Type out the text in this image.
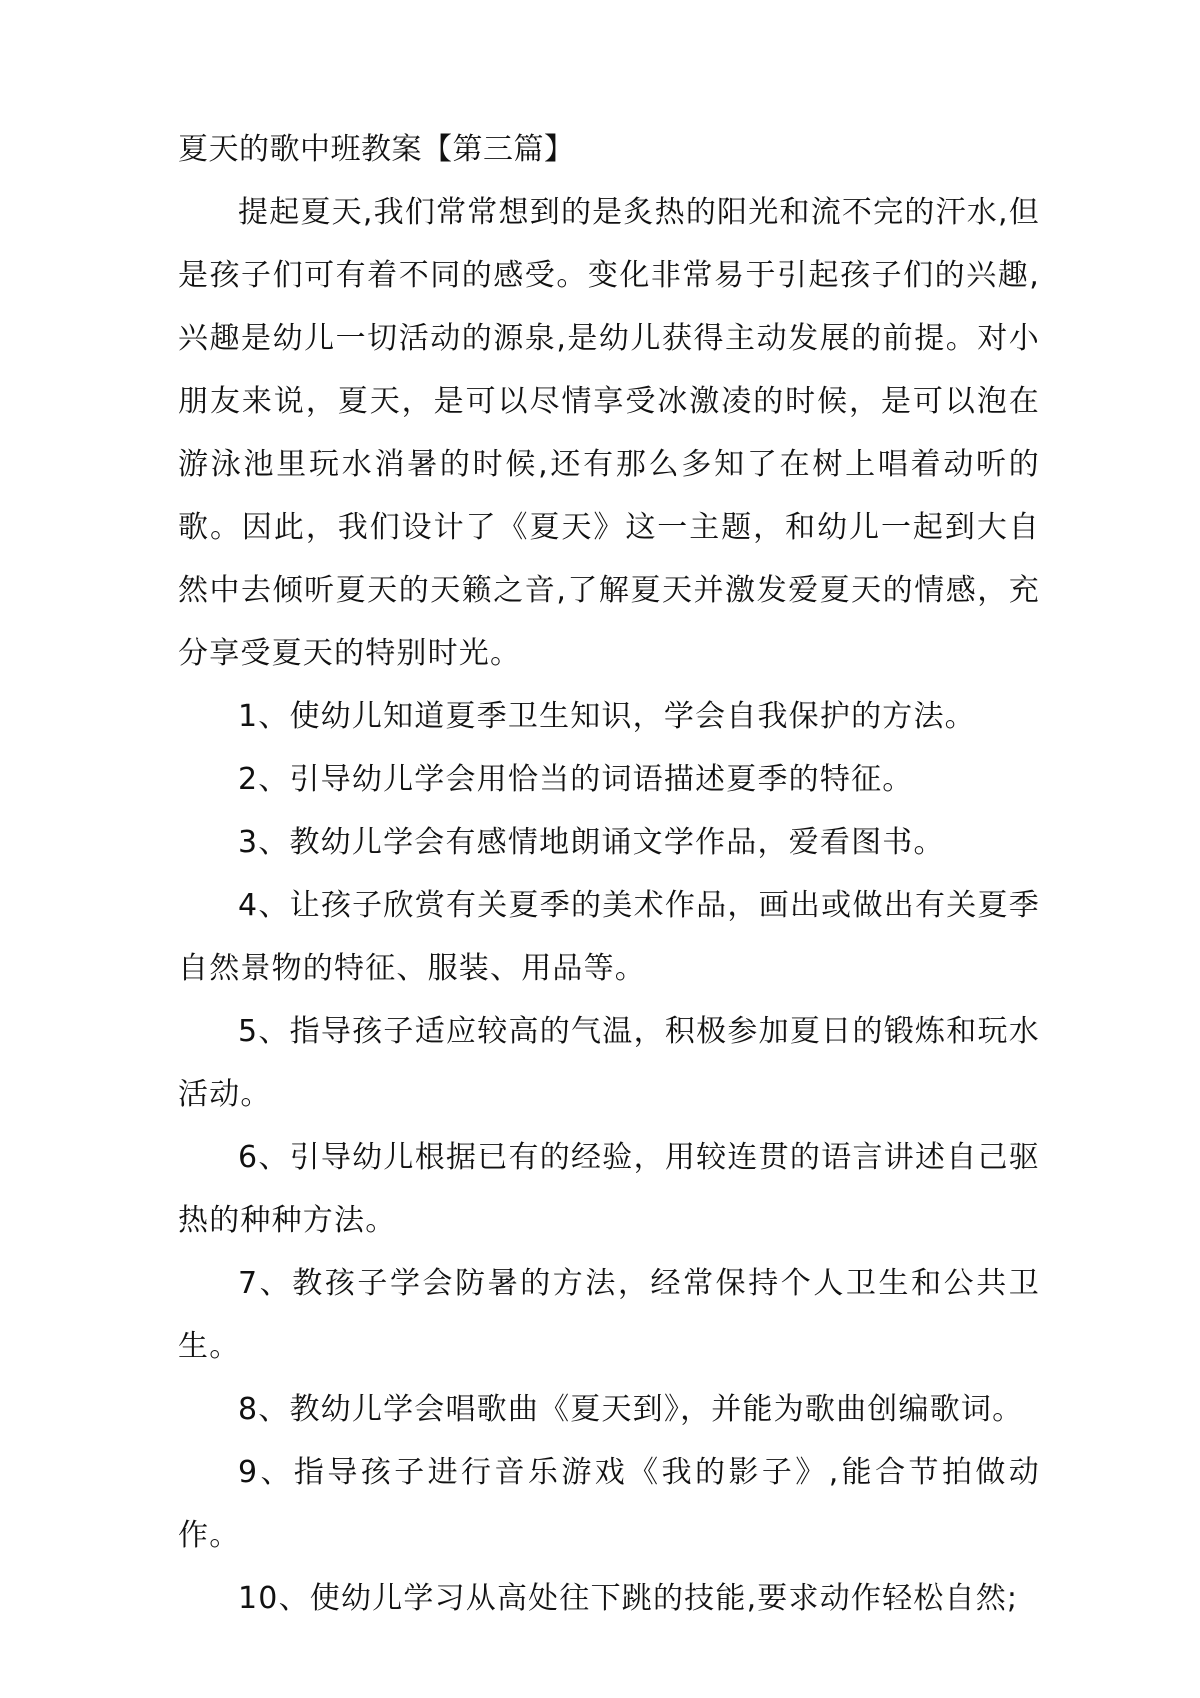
夏天的歌中班教案【第三篇】

提起夏天,我们常常想到的是炙热的阳光和流不完的汗水,但是孩子们可有着不同的感受。变化非常易于引起孩子们的兴趣,兴趣是幼儿一切活动的源泉,是幼儿获得主动发展的前提。对小朋友来说，夏天，是可以尽情享受冰激凌的时候，是可以泡在游泳池里玩水消暑的时候,还有那么多知了在树上唱着动听的歌。因此，我们设计了《夏天》这一主题，和幼儿一起到大自然中去倾听夏天的天籁之音,了解夏天并激发爱夏天的情感，充分享受夏天的特别时光。

1、使幼儿知道夏季卫生知识，学会自我保护的方法。

2、引导幼儿学会用恰当的词语描述夏季的特征。

3、教幼儿学会有感情地朗诵文学作品，爱看图书。

4、让孩子欣赏有关夏季的美术作品，画出或做出有关夏季自然景物的特征、服装、用品等。

5、指导孩子适应较高的气温，积极参加夏日的锻炼和玩水活动。

6、引导幼儿根据已有的经验，用较连贯的语言讲述自己驱热的种种方法。

7、教孩子学会防暑的方法，经常保持个人卫生和公共卫生。

8、教幼儿学会唱歌曲《夏天到》，并能为歌曲创编歌词。

9、指导孩子进行音乐游戏《我的影子》,能合节拍做动作。

10、使幼儿学习从高处往下跳的技能,要求动作轻松自然;
